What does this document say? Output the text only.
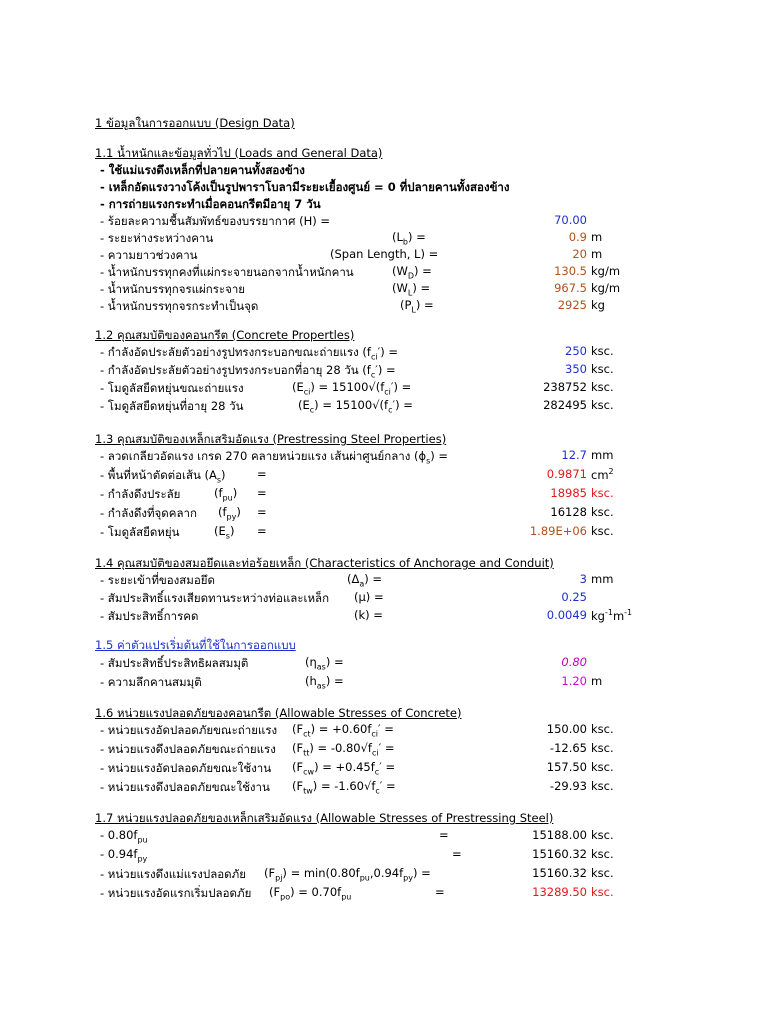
1 ข้อมูลในการออกแบบ (Design Data)
1.1 น้ำหนักและข้อมูลทั่วไป (Loads and General Data)
- ใช้แม่แรงดึงเหล็กที่ปลายคานทั้งสองข้าง
- เหล็กอัดแรงวางโค้งเป็นรูปพาราโบลามีระยะเยื้องศูนย์ = 0 ที่ปลายคานทั้งสองข้าง
- การถ่ายแรงกระทำเมื่อคอนกรีตมีอายุ 7 วัน
- ร้อยละความชื้นสัมพัทธ์ของบรรยากาศ (H) =	70.00
- ระยะห่างระหว่างคาน	$(L_b)$ =	0.9 m
- ความยาวช่วงคาน	(Span Length, L) =	20 m
- น้ำหนักบรรทุกคงที่แผ่กระจายนอกจากน้ำหนักคาน	$(W_D)$ =	130.5 kg/m
- น้ำหนักบรรทุกจรแผ่กระจาย	$(W_L)$ =	967.5 kg/m
- น้ำหนักบรรทุกจรกระทำเป็นจุด	$(P_L)$ =	2925 kg
1.2 คุณสมบัติของคอนกรีต (Concrete Propertles)
- กำลังอัดประลัยตัวอย่างรูปทรงกระบอกขณะถ่ายแรง $(f_{ci}')$ =	250 ksc.
- กำลังอัดประลัยตัวอย่างรูปทรงกระบอกที่อายุ 28 วัน $(f_c')$ =	350 ksc.
- โมดูลัสยืดหยุ่นขณะถ่ายแรง	$(E_{ci}) = 15100√(f_{ci}')$ =	238752 ksc.
- โมดูลัสยืดหยุ่นที่อายุ 28 วัน	$(E_c) = 15100√(f_c')$ =	282495 ksc.
1.3 คุณสมบัติของเหล็กเสริมอัดแรง (Prestressing Steel Properties)
- ลวดเกลียวอัดแรง เกรด 270 คลายหน่วยแรง เส้นผ่าศูนย์กลาง $(\phi_s)$ =	12.7 mm
- พื้นที่หน้าตัดต่อเส้น $(A_s)$	=	0.9871 $cm^2$
- กำลังดึงประลัย	$(f_{pu})$ =	18985 ksc.
- กำลังดึงที่จุดคลาก $(f_{py})$ =	16128 ksc.
- โมดูลัสยืดหยุ่น	$(E_s)$ =	1.89E+06 ksc.
1.4 คุณสมบัติของสมอยึดและท่อร้อยเหล็ก (Characteristics of Anchorage and Conduit)
- ระยะเข้าที่ของสมอยึด	$(\Delta_a)$ =	3 mm
- สัมประสิทธิ์แรงเสียดทานระหว่างท่อและเหล็ก (μ) =	0.25
- สัมประสิทธิ์การคด	(k) =	0.0049 $kg^{-1}m^{-1}$
1.5 ค่าตัวแปรเริ่มต้นที่ใช้ในการออกแบบ
- สัมประสิทธิ์ประสิทธิผลสมมุติ	$(\eta_{as})$ =	0.80
- ความลึกคานสมมุติ	$(h_{as})$ =	1.20 m
1.6 หน่วยแรงปลอดภัยของคอนกรีต (Allowable Stresses of Concrete)
- หน่วยแรงอัดปลอดภัยขณะถ่ายแรง $(F_{ct}) = +0.60f_{ci}'$ =	150.00 ksc.
- หน่วยแรงดึงปลอดภัยขณะถ่ายแรง $(F_{tt}) = -0.80√f_{ci}'$ =	-12.65 ksc.
- หน่วยแรงอัดปลอดภัยขณะใช้งาน $(F_{cw}) = +0.45f_c'$ =	157.50 ksc.
- หน่วยแรงดึงปลอดภัยขณะใช้งาน $(F_{tw}) = -1.60√f_c'$ =	-29.93 ksc.
1.7 หน่วยแรงปลอดภัยของเหล็กเสริมอัดแรง (Allowable Stresses of Prestressing Steel)
- $0.80f_{pu}$	=	15188.00 ksc.
- $0.94f_{py}$	=	15160.32 ksc.
- หน่วยแรงดึงแม่แรงปลอดภัย $(F_{pj}) = \min(0.80f_{pu},0.94f_{py})$ =	15160.32 ksc.
- หน่วยแรงอัดแรกเริ่มปลอดภัย $(F_{po}) = 0.70f_{pu}$	=	13289.50 ksc.
